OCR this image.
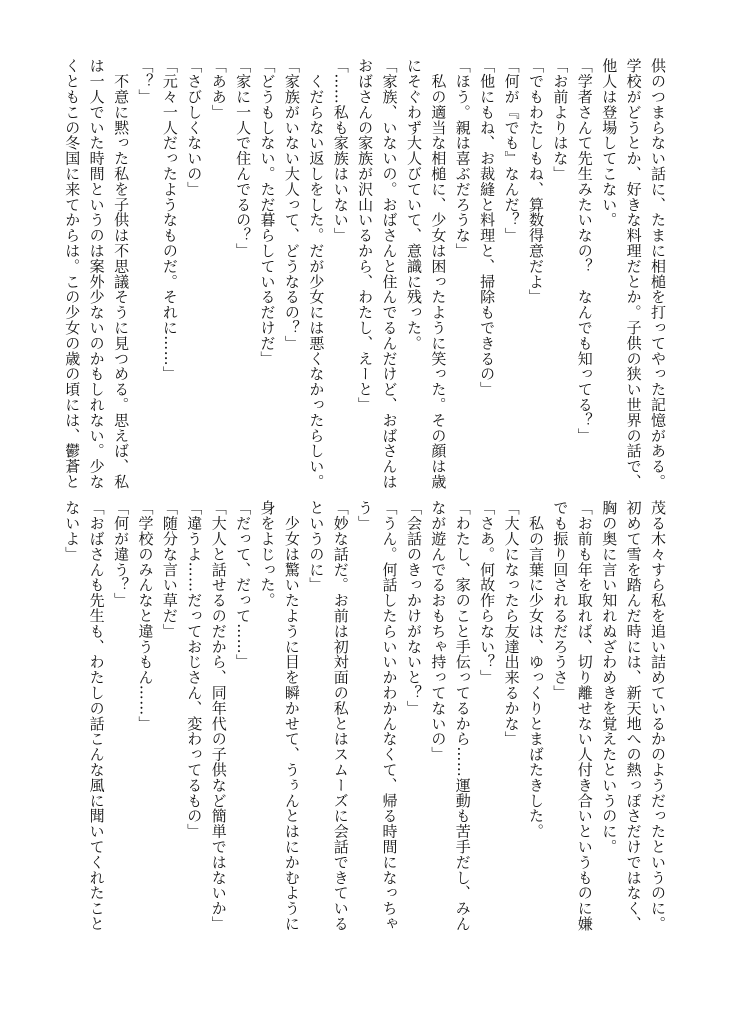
供のつまらない話に、たまに相槌を打ってやった記憶がある。
学校がどうとか、好きな料理だとか。子供の狭い世界の話で、
他人は登場してこない。
「学者さんて先生みたいなの？　なんでも知ってる？」
「お前よりはな」
「でもわたしもね、算数得意だよ」
「何が『でも』なんだ？」
「他にもね、お裁縫と料理と、掃除もできるの」
「ほう。親は喜ぶだろうな」
　私の適当な相槌に、少女は困ったように笑った。その顔は歳
にそぐわず大人びていて、意識に残った。
「家族、いないの。おばさんと住んでるんだけど、おばさんは
おばさんの家族が沢山いるから、わたし、えーと」
「……私も家族はいない」
　くだらない返しをした。だが少女には悪くなかったらしい。
「家族がいない大人って、どうなるの？」
「どうもしない。ただ暮らしているだけだ」
「家に一人で住んでるの？」
「ああ」
「さびしくないの」
「元々一人だったようなものだ。それに……」
「？」
　不意に黙った私を子供は不思議そうに見つめる。思えば、私
は一人でいた時間というのは案外少ないのかもしれない。少な
くともこの冬国に来てからは。この少女の歳の頃には、鬱蒼と
茂る木々すら私を追い詰めているかのようだったというのに。
初めて雪を踏んだ時には、新天地への熱っぽさだけではなく、
胸の奥に言い知れぬざわめきを覚えたというのに。
「お前も年を取れば、切り離せない人付き合いというものに嫌
でも振り回されるだろうさ」
　私の言葉に少女は、ゆっくりとまばたきした。
「大人になったら友達出来るかな」
「さあ。何故作らない？」
「わたし、家のこと手伝ってるから……運動も苦手だし、みん
なが遊んでるおもちゃ持ってないの」
「会話のきっかけがないと？」
「うん。何話したらいいかわかんなくて、帰る時間になっちゃ
う」
「妙な話だ。お前は初対面の私とはスムーズに会話できている
というのに」
　少女は驚いたように目を瞬かせて、うぅんとはにかむように
身をよじった。
「だって、だって……」
「大人と話せるのだから、同年代の子供など簡単ではないか」
「違うよ……だっておじさん、変わってるもの」
「随分な言い草だ」
「学校のみんなと違うもん……」
「何が違う？」
「おばさんも先生も、わたしの話こんな風に聞いてくれたこと
ないよ」
